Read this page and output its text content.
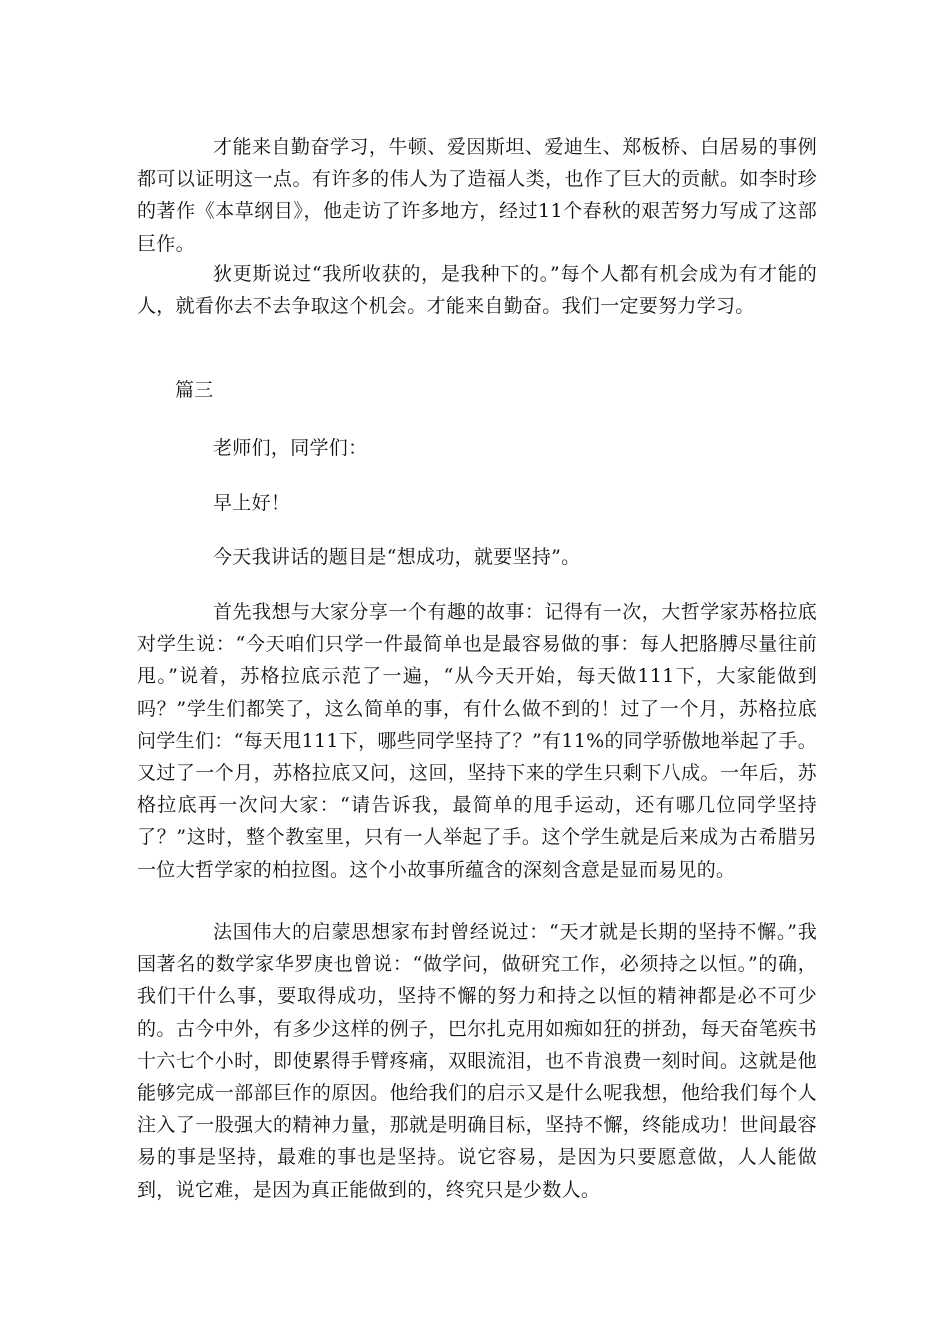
才能来自勤奋学习，牛顿、爱因斯坦、爱迪生、郑板桥、白居易的事例都可以证明这一点。有许多的伟人为了造福人类，也作了巨大的贡献。如李时珍的著作《本草纲目》，他走访了许多地方，经过11个春秋的艰苦努力写成了这部巨作。

狄更斯说过“我所收获的，是我种下的。”每个人都有机会成为有才能的人，就看你去不去争取这个机会。才能来自勤奋。我们一定要努力学习。

篇三

老师们，同学们：

早上好！

今天我讲话的题目是“想成功，就要坚持”。

首先我想与大家分享一个有趣的故事：记得有一次，大哲学家苏格拉底对学生说：“今天咱们只学一件最简单也是最容易做的事：每人把胳膊尽量往前甩。”说着，苏格拉底示范了一遍，“从今天开始，每天做111下，大家能做到吗？”学生们都笑了，这么简单的事，有什么做不到的！过了一个月，苏格拉底问学生们：“每天甩111下，哪些同学坚持了？”有11%的同学骄傲地举起了手。又过了一个月，苏格拉底又问，这回，坚持下来的学生只剩下八成。一年后，苏格拉底再一次问大家：“请告诉我，最简单的甩手运动，还有哪几位同学坚持了？”这时，整个教室里，只有一人举起了手。这个学生就是后来成为古希腊另一位大哲学家的柏拉图。这个小故事所蕴含的深刻含意是显而易见的。

法国伟大的启蒙思想家布封曾经说过：“天才就是长期的坚持不懈。”我国著名的数学家华罗庚也曾说：“做学问，做研究工作，必须持之以恒。”的确，我们干什么事，要取得成功，坚持不懈的努力和持之以恒的精神都是必不可少的。古今中外，有多少这样的例子，巴尔扎克用如痴如狂的拼劲，每天奋笔疾书十六七个小时，即使累得手臂疼痛，双眼流泪，也不肯浪费一刻时间。这就是他能够完成一部部巨作的原因。他给我们的启示又是什么呢我想，他给我们每个人注入了一股强大的精神力量，那就是明确目标，坚持不懈，终能成功！世间最容易的事是坚持，最难的事也是坚持。说它容易，是因为只要愿意做，人人能做到，说它难，是因为真正能做到的，终究只是少数人。
